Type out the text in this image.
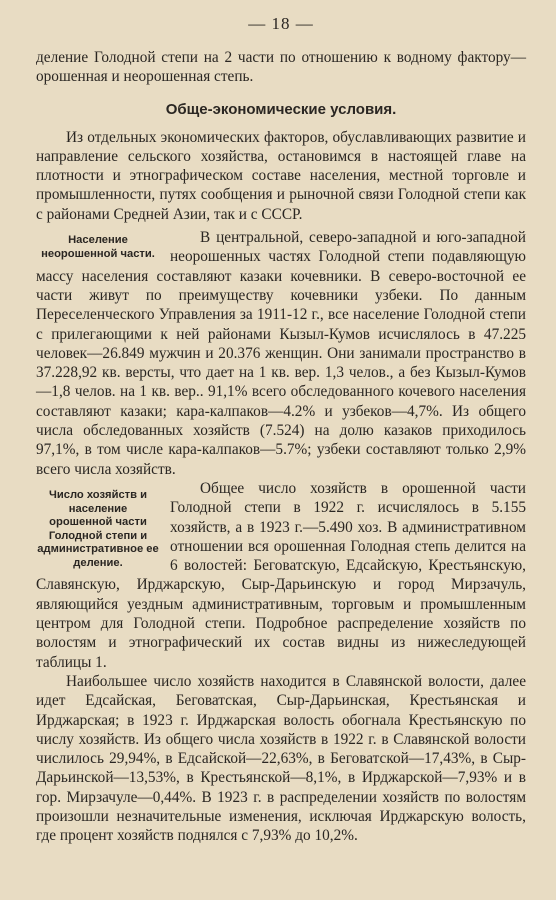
— 18 —

деление Голодной степи на 2 части по отношению к водному фактору—орошенная и неорошенная степь.

Обще-экономические условия.

Из отдельных экономических факторов, обуславливающих развитие и направление сельского хозяйства, остановимся в настоящей главе на плотности и этнографическом составе населения, местной торговле и промышленности, путях сообщения и рыночной связи Голодной степи как с районами Средней Азии, так и с СССР.

Население неорошенной части.

В центральной, северо-западной и юго-западной неорошенных частях Голодной степи подавляющую массу населения составляют казаки кочевники. В северо-восточной ее части живут по преимуществу кочевники узбеки. По данным Переселенческого Управления за 1911-12 г., все население Голодной степи с прилегающими к ней районами Кызыл-Кумов исчислялось в 47.225 человек—26.849 мужчин и 20.376 женщин. Они занимали пространство в 37.228,92 кв. версты, что дает на 1 кв. вер. 1,3 челов., а без Кызыл-Кумов—1,8 челов. на 1 кв. вер.. 91,1% всего обследованного кочевого населения составляют казаки; кара-калпаков—4.2% и узбеков—4,7%. Из общего числа обследованных хозяйств (7.524) на долю казаков приходилось 97,1%, в том числе кара-калпаков—5.7%; узбеки составляют только 2,9% всего числа хозяйств.

Число хозяйств и население орошенной части Голодной степи и административное ее деление.

Общее число хозяйств в орошенной части Голодной степи в 1922 г. исчислялось в 5.155 хозяйств, а в 1923 г.—5.490 хоз. В административном отношении вся орошенная Голодная степь делится на 6 волостей: Беговатскую, Едсайскую, Крестьянскую, Славянскую, Ирджарскую, Сыр-Дарьинскую и город Мирзачуль, являющийся уездным административным, торговым и промышленным центром для Голодной степи. Подробное распределение хозяйств по волостям и этнографический их состав видны из нижеследующей таблицы 1.

Наибольшее число хозяйств находится в Славянской волости, далее идет Едсайская, Беговатская, Сыр-Дарьинская, Крестьянская и Ирджарская; в 1923 г. Ирджарская волость обогнала Крестьянскую по числу хозяйств. Из общего числа хозяйств в 1922 г. в Славянской волости числилось 29,94%, в Едсайской—22,63%, в Беговатской—17,43%, в Сыр-Дарьинской—13,53%, в Крестьянской—8,1%, в Ирджарской—7,93% и в гор. Мирзачуле—0,44%. В 1923 г. в распределении хозяйств по волостям произошли незначительные изменения, исключая Ирджарскую волость, где процент хозяйств поднялся с 7,93% до 10,2%.
